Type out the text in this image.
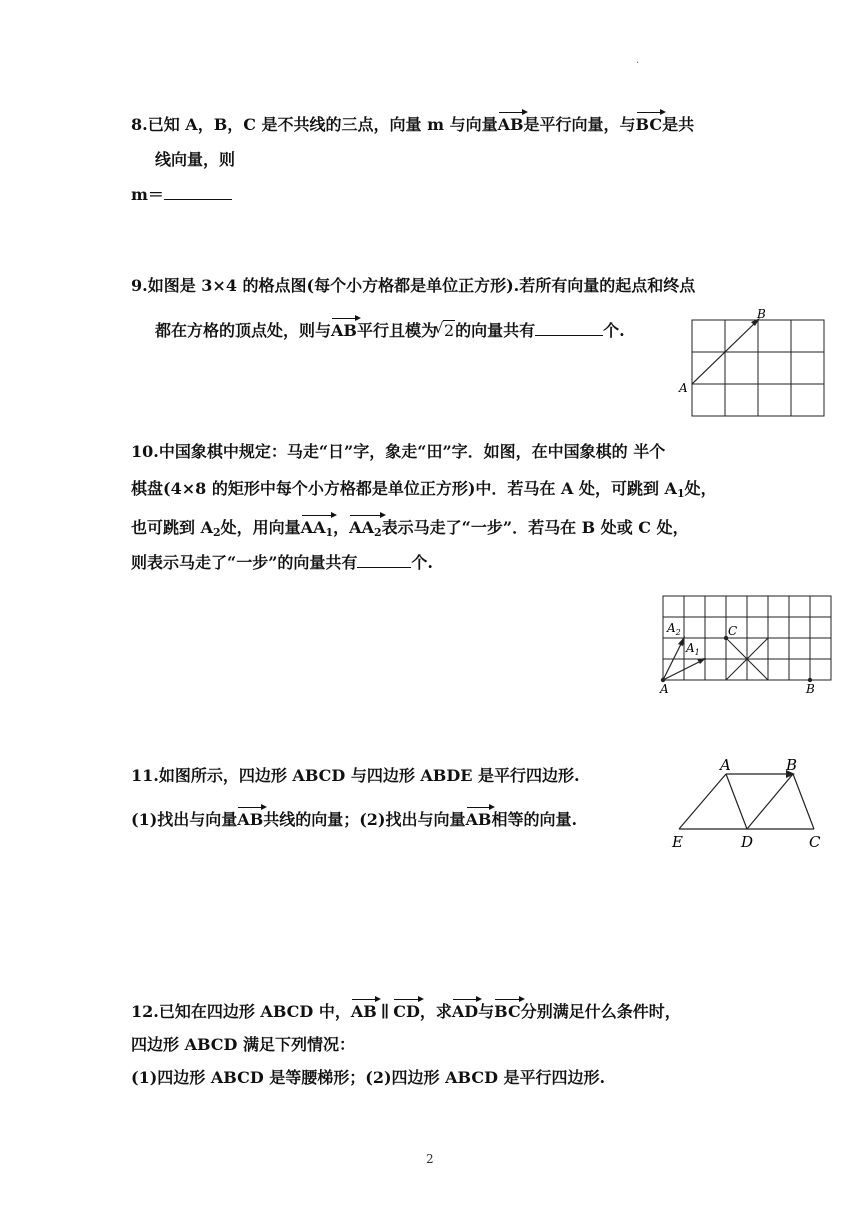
·
8.已知 A，B，C 是不共线的三点，向量 m 与向量AB是平行向量，与BC是共
线向量，则
m＝
9.如图是 3×4 的格点图(每个小方格都是单位正方形).若所有向量的起点和终点
都在方格的顶点处，则与AB平行且模为√ 2的向量共有	个.
A
B
10.中国象棋中规定：马走“日”字，象走“田”字．如图，在中国象棋的 半个
棋盘(4×8 的矩形中每个小方格都是单位正方形)中．若马在 A 处，可跳到 $A_1$处，
也可跳到 $A_2$处，用向量$AA_1$，$AA_2$表示马走了“一步”．若马在 B 处或 C 处，
则表示马走了“一步”的向量共有	个.
A	B
C
$A_2$
$A_1$
11.如图所示，四边形 ABCD 与四边形 ABDE 是平行四边形.
(1)找出与向量AB共线的向量；(2)找出与向量AB相等的向量.
A	B
C
D
E
12.已知在四边形 ABCD 中，AB ∥ CD，求AD与BC分别满足什么条件时，
四边形 ABCD 满足下列情况：
(1)四边形 ABCD 是等腰梯形；(2)四边形 ABCD 是平行四边形.
2
